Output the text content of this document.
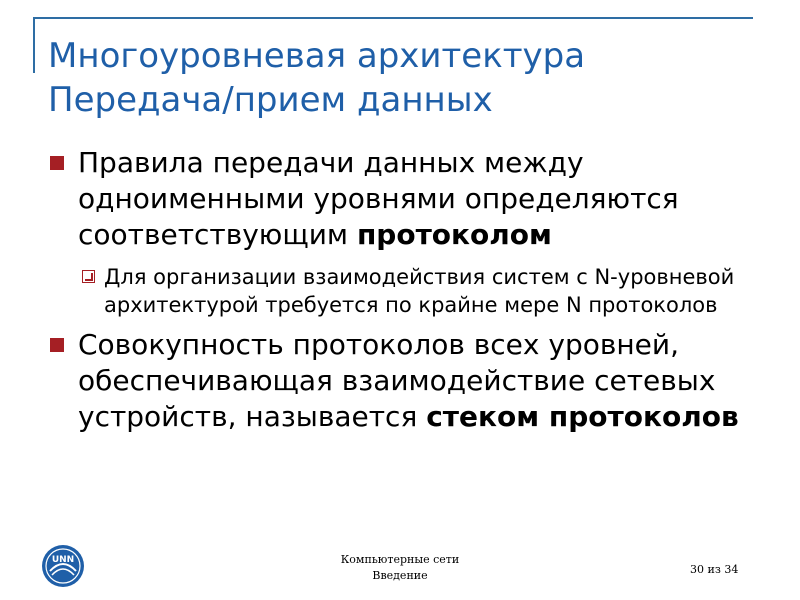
Многоуровневая архитектура
Передача/прием данных
Правила передачи данных между одноименными уровнями определяются соответствующим протоколом
Для организации взаимодействия систем с N-уровневой архитектурой требуется по крайне мере N протоколов
Совокупность протоколов всех уровней, обеспечивающая взаимодействие сетевых устройств, называется стеком протоколов
UNN	Компьютерные сети
Введение	30 из 34
